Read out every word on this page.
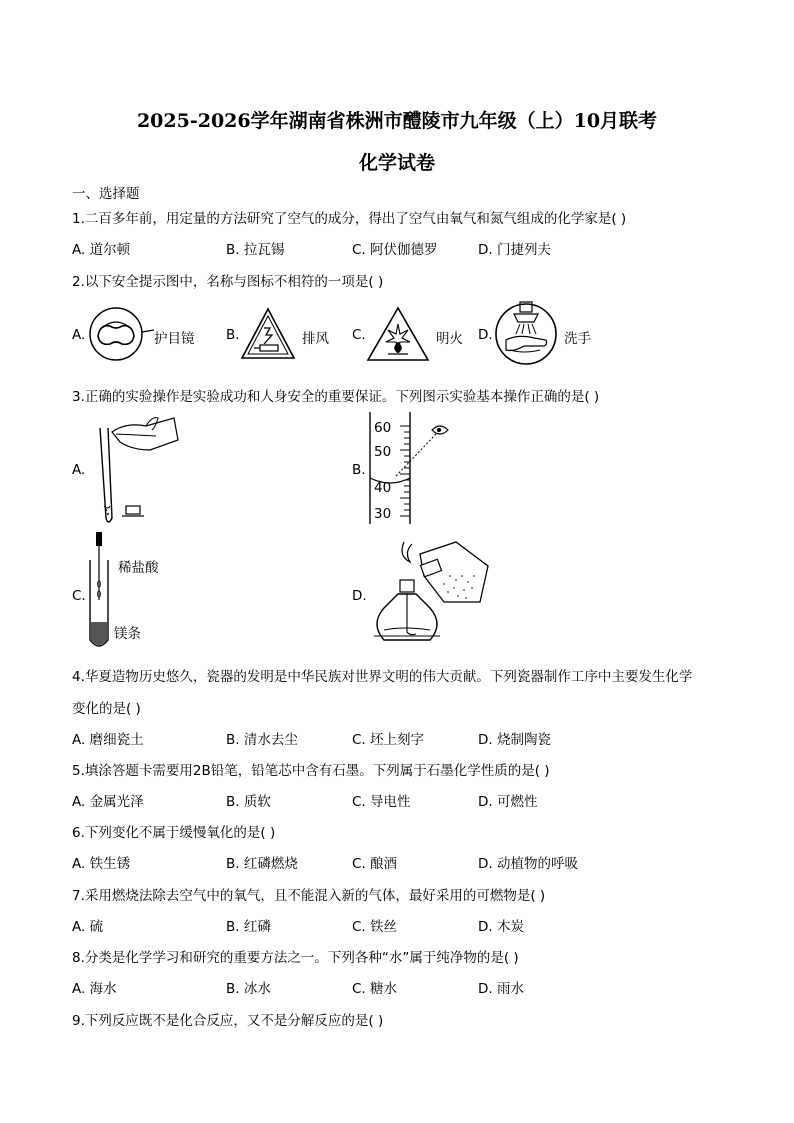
2025-2026学年湖南省株洲市醴陵市九年级（上）10月联考
化学试卷
一、选择题
1.二百多年前，用定量的方法研究了空气的成分，得出了空气由氧气和氮气组成的化学家是( )
A. 道尔顿	B. 拉瓦锡	C. 阿伏伽德罗	D. 门捷列夫
2.以下安全提示图中，名称与图标不相符的一项是( )
A.	护目镜 B.	排风 C.	明火 D.	洗手
3.正确的实验操作是实验成功和人身安全的重要保证。下列图示实验基本操作正确的是( )
A.	B.
60
50
40
30
C.
稀盐酸
镁条
D.
4.华夏造物历史悠久，瓷器的发明是中华民族对世界文明的伟大贡献。下列瓷器制作工序中主要发生化学
变化的是( )
A. 磨细瓷土	B. 清水去尘	C. 坯上刻字	D. 烧制陶瓷
5.填涂答题卡需要用2B铅笔，铅笔芯中含有石墨。下列属于石墨化学性质的是( )
A. 金属光泽	B. 质软	C. 导电性	D. 可燃性
6.下列变化不属于缓慢氧化的是( )
A. 铁生锈	B. 红磷燃烧	C. 酿酒	D. 动植物的呼吸
7.采用燃烧法除去空气中的氧气，且不能混入新的气体，最好采用的可燃物是( )
A. 硫	B. 红磷	C. 铁丝	D. 木炭
8.分类是化学学习和研究的重要方法之一。下列各种“水”属于纯净物的是( )
A. 海水	B. 冰水	C. 糖水	D. 雨水
9.下列反应既不是化合反应，又不是分解反应的是( )
